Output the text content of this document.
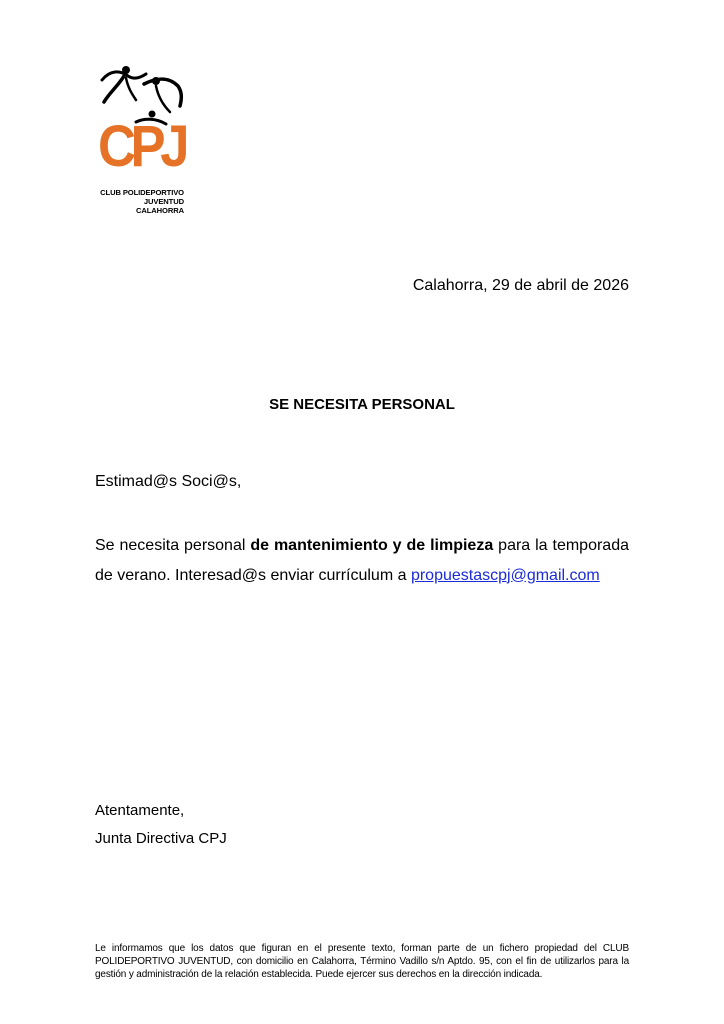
CPJ
CLUB POLIDEPORTIVO
JUVENTUD
CALAHORRA
Calahorra, 29 de abril de 2026
SE NECESITA PERSONAL
Estimad@s Soci@s,
Se necesita personal de mantenimiento y de limpieza para la temporada de verano. Interesad@s enviar currículum a propuestascpj@gmail.com
Atentamente,
Junta Directiva CPJ
Le informamos que los datos que figuran en el presente texto, forman parte de un fichero propiedad del CLUB POLIDEPORTIVO JUVENTUD, con domicilio en Calahorra, Término Vadillo s/n Aptdo. 95, con el fin de utilizarlos para la gestión y administración de la relación establecida. Puede ejercer sus derechos en la dirección indicada.
